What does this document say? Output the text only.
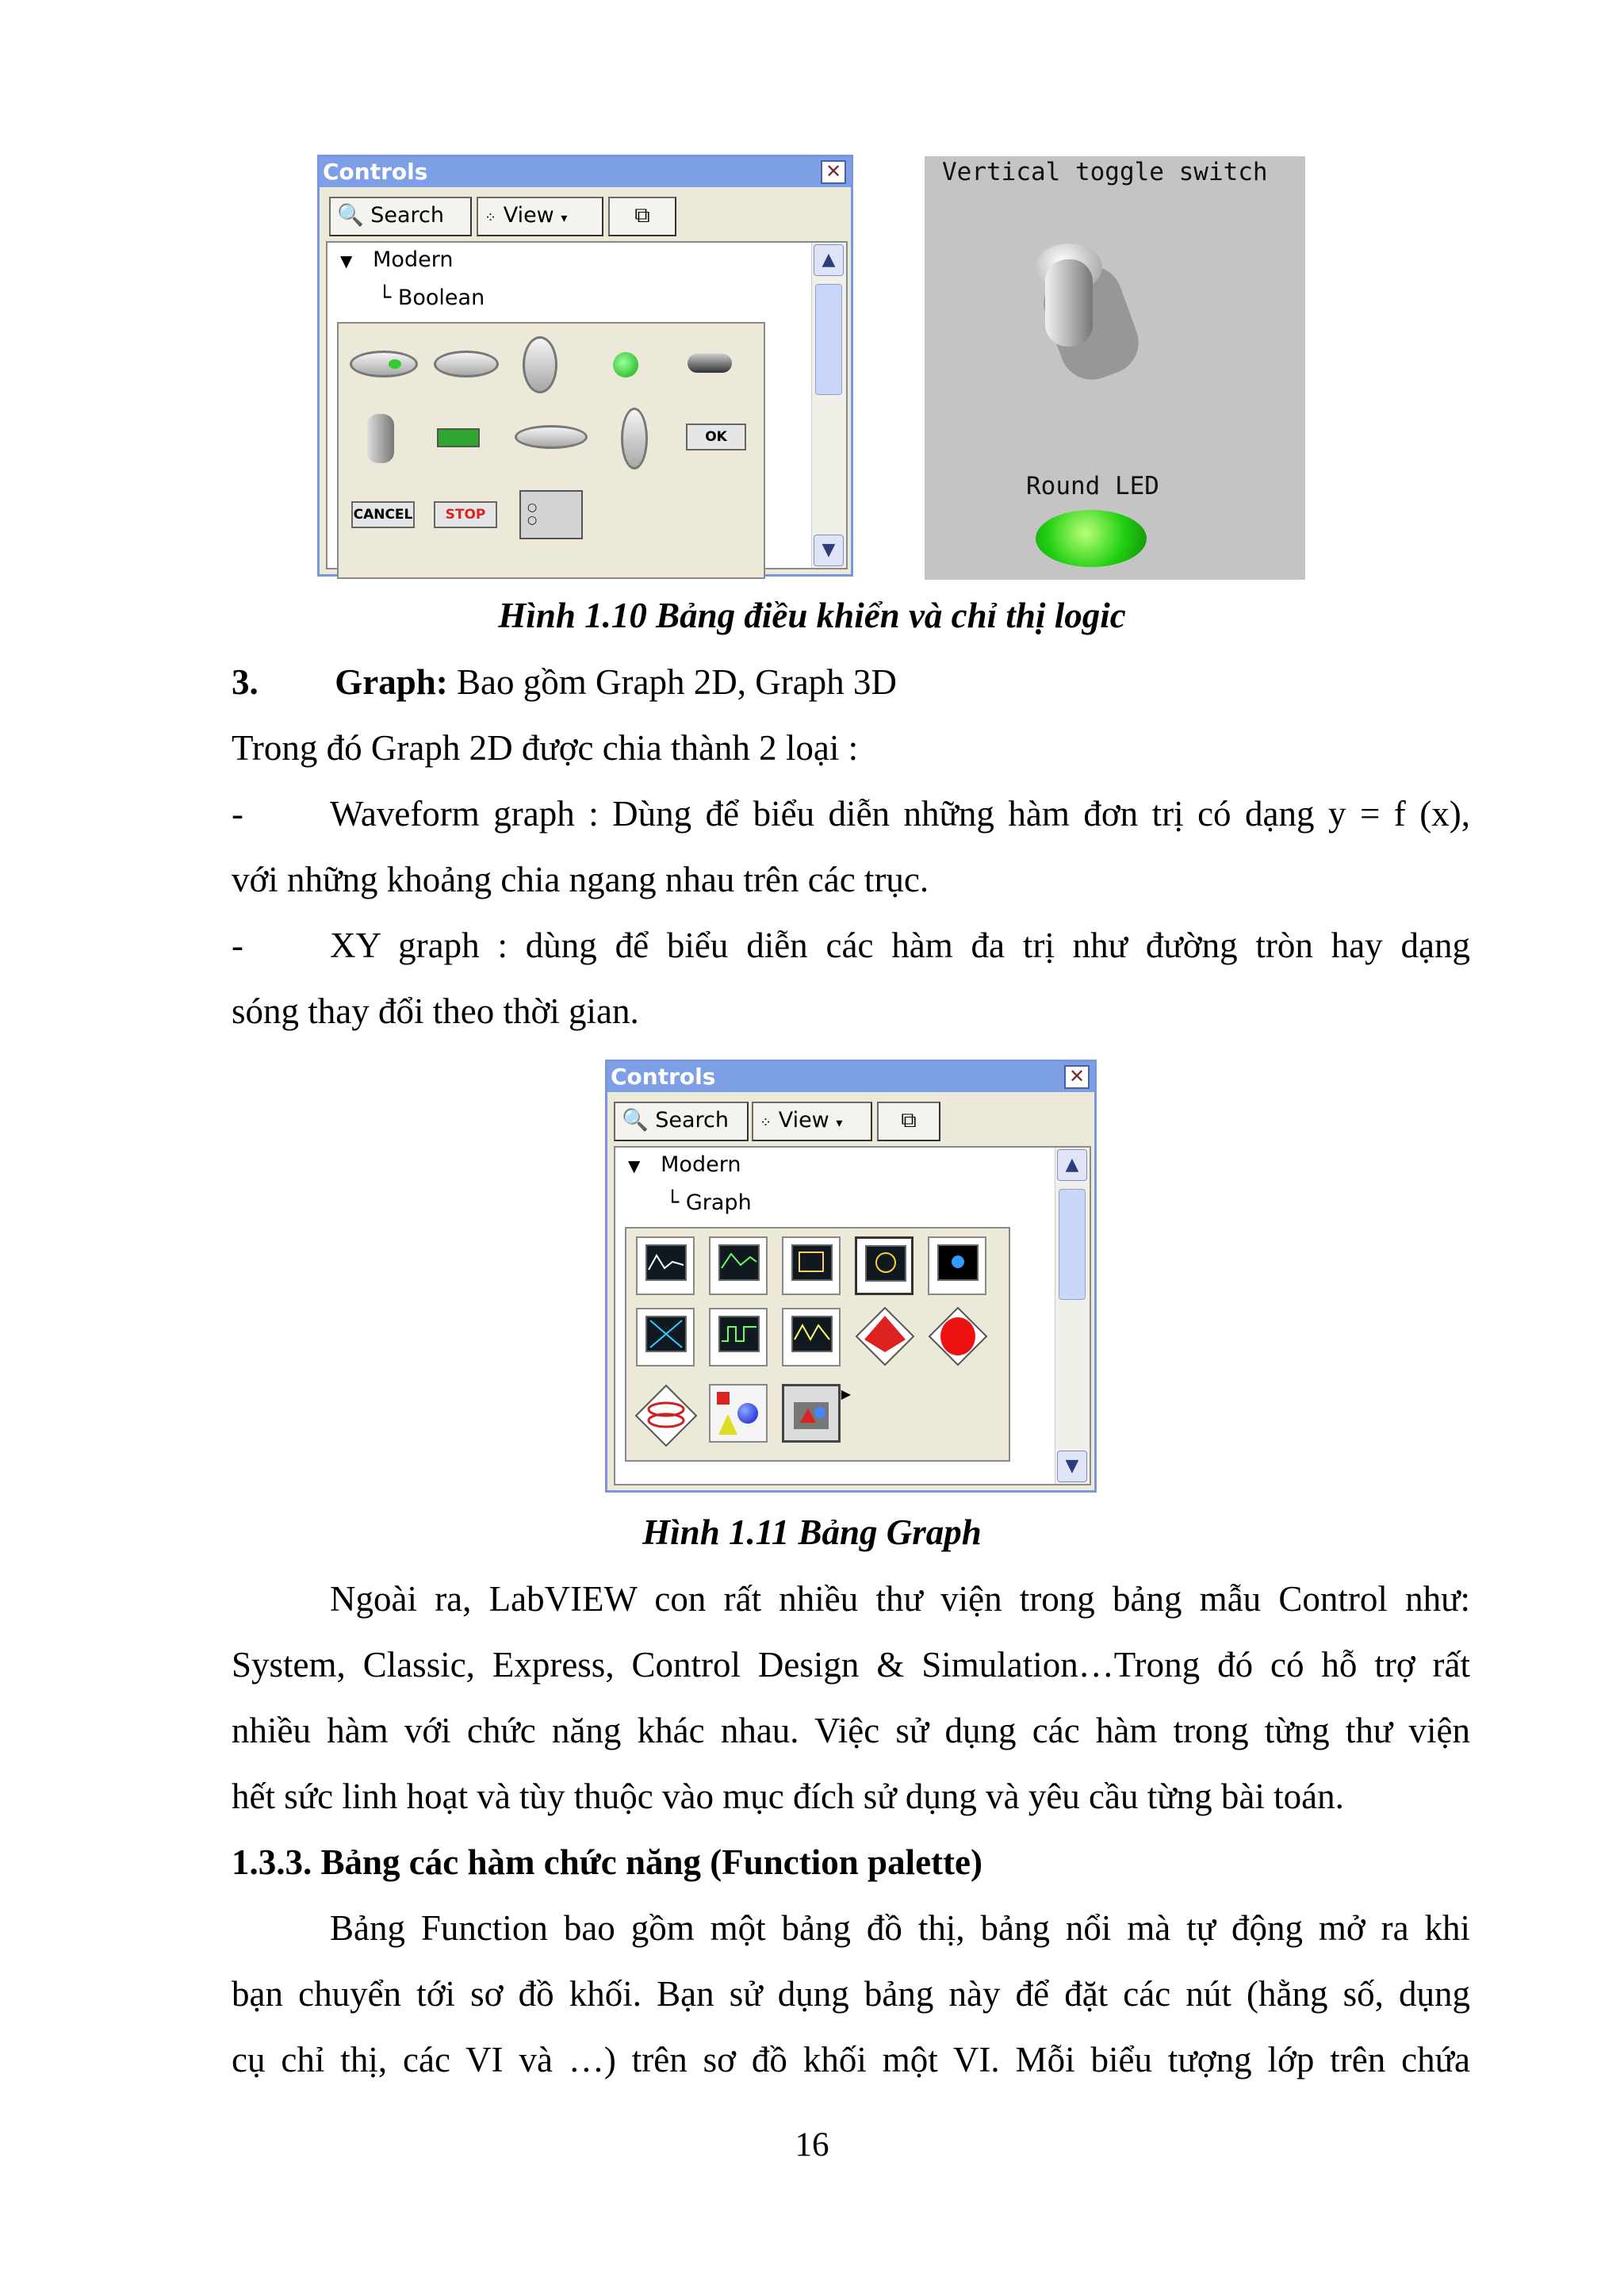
Controls	✕
🔍 Search	⁘ View ▾	⧉
▼ Modern
└ Boolean
OK
CANCEL	STOP	○
○
▲
▼
Vertical toggle switch
Round LED
Hình 1.10 Bảng điều khiển và chỉ thị logic
3. Graph: Bao gồm Graph 2D, Graph 3D
Trong đó Graph 2D được chia thành 2 loại :
- Waveform graph : Dùng để biểu diễn những hàm đơn trị có dạng y = f (x),
với những khoảng chia ngang nhau trên các trục.
- XY graph : dùng để biểu diễn các hàm đa trị như đường tròn hay dạng
sóng thay đổi theo thời gian.
Controls	✕
🔍 Search	⁘ View ▾	⧉
▼ Modern
└ Graph
▶
▲
▼
Hình 1.11 Bảng Graph
Ngoài ra, LabVIEW con rất nhiều thư viện trong bảng mẫu Control như:
System, Classic, Express, Control Design & Simulation…Trong đó có hỗ trợ rất
nhiều hàm với chức năng khác nhau. Việc sử dụng các hàm trong từng thư viện
hết sức linh hoạt và tùy thuộc vào mục đích sử dụng và yêu cầu từng bài toán.
1.3.3. Bảng các hàm chức năng (Function palette)
Bảng Function bao gồm một bảng đồ thị, bảng nổi mà tự động mở ra khi
bạn chuyển tới sơ đồ khối. Bạn sử dụng bảng này để đặt các nút (hằng số, dụng
cụ chỉ thị, các VI và …) trên sơ đồ khối một VI. Mỗi biểu tượng lớp trên chứa
16
